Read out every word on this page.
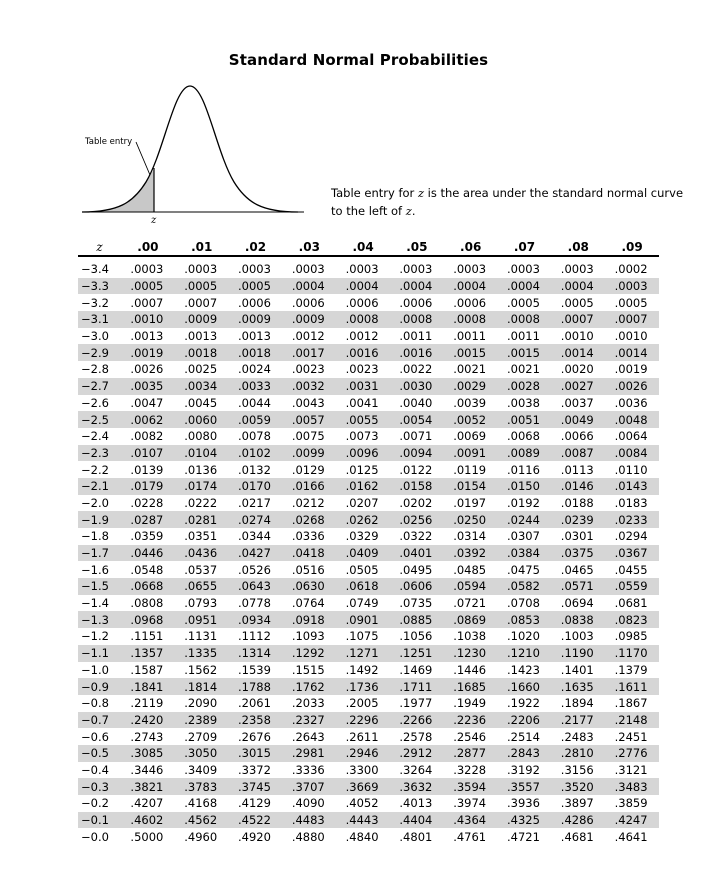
Standard Normal Probabilities
Table entry
z
Table entry for z is the area under the standard normal curve
to the left of z.
z	.00	.01	.02	.03	.04	.05	.06	.07	.08	.09
−3.4	.0003	.0003	.0003	.0003	.0003	.0003	.0003	.0003	.0003	.0002
−3.3	.0005	.0005	.0005	.0004	.0004	.0004	.0004	.0004	.0004	.0003
−3.2	.0007	.0007	.0006	.0006	.0006	.0006	.0006	.0005	.0005	.0005
−3.1	.0010	.0009	.0009	.0009	.0008	.0008	.0008	.0008	.0007	.0007
−3.0	.0013	.0013	.0013	.0012	.0012	.0011	.0011	.0011	.0010	.0010
−2.9	.0019	.0018	.0018	.0017	.0016	.0016	.0015	.0015	.0014	.0014
−2.8	.0026	.0025	.0024	.0023	.0023	.0022	.0021	.0021	.0020	.0019
−2.7	.0035	.0034	.0033	.0032	.0031	.0030	.0029	.0028	.0027	.0026
−2.6	.0047	.0045	.0044	.0043	.0041	.0040	.0039	.0038	.0037	.0036
−2.5	.0062	.0060	.0059	.0057	.0055	.0054	.0052	.0051	.0049	.0048
−2.4	.0082	.0080	.0078	.0075	.0073	.0071	.0069	.0068	.0066	.0064
−2.3	.0107	.0104	.0102	.0099	.0096	.0094	.0091	.0089	.0087	.0084
−2.2	.0139	.0136	.0132	.0129	.0125	.0122	.0119	.0116	.0113	.0110
−2.1	.0179	.0174	.0170	.0166	.0162	.0158	.0154	.0150	.0146	.0143
−2.0	.0228	.0222	.0217	.0212	.0207	.0202	.0197	.0192	.0188	.0183
−1.9	.0287	.0281	.0274	.0268	.0262	.0256	.0250	.0244	.0239	.0233
−1.8	.0359	.0351	.0344	.0336	.0329	.0322	.0314	.0307	.0301	.0294
−1.7	.0446	.0436	.0427	.0418	.0409	.0401	.0392	.0384	.0375	.0367
−1.6	.0548	.0537	.0526	.0516	.0505	.0495	.0485	.0475	.0465	.0455
−1.5	.0668	.0655	.0643	.0630	.0618	.0606	.0594	.0582	.0571	.0559
−1.4	.0808	.0793	.0778	.0764	.0749	.0735	.0721	.0708	.0694	.0681
−1.3	.0968	.0951	.0934	.0918	.0901	.0885	.0869	.0853	.0838	.0823
−1.2	.1151	.1131	.1112	.1093	.1075	.1056	.1038	.1020	.1003	.0985
−1.1	.1357	.1335	.1314	.1292	.1271	.1251	.1230	.1210	.1190	.1170
−1.0	.1587	.1562	.1539	.1515	.1492	.1469	.1446	.1423	.1401	.1379
−0.9	.1841	.1814	.1788	.1762	.1736	.1711	.1685	.1660	.1635	.1611
−0.8	.2119	.2090	.2061	.2033	.2005	.1977	.1949	.1922	.1894	.1867
−0.7	.2420	.2389	.2358	.2327	.2296	.2266	.2236	.2206	.2177	.2148
−0.6	.2743	.2709	.2676	.2643	.2611	.2578	.2546	.2514	.2483	.2451
−0.5	.3085	.3050	.3015	.2981	.2946	.2912	.2877	.2843	.2810	.2776
−0.4	.3446	.3409	.3372	.3336	.3300	.3264	.3228	.3192	.3156	.3121
−0.3	.3821	.3783	.3745	.3707	.3669	.3632	.3594	.3557	.3520	.3483
−0.2	.4207	.4168	.4129	.4090	.4052	.4013	.3974	.3936	.3897	.3859
−0.1	.4602	.4562	.4522	.4483	.4443	.4404	.4364	.4325	.4286	.4247
−0.0	.5000	.4960	.4920	.4880	.4840	.4801	.4761	.4721	.4681	.4641
